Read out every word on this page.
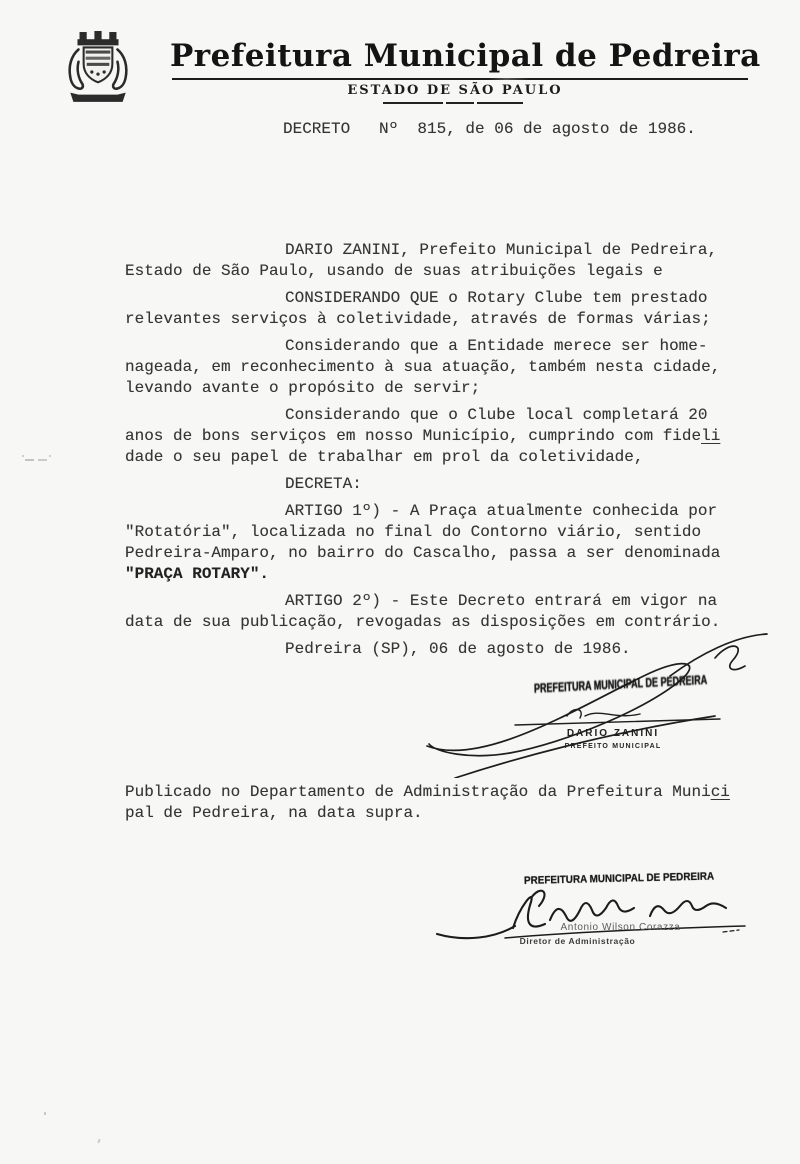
Prefeitura Municipal de Pedreira
ESTADO DE SÃO PAULO
DECRETO   Nº  815, de 06 de agosto de 1986.
DARIO ZANINI, Prefeito Municipal de Pedreira,
Estado de São Paulo, usando de suas atribuições legais e
CONSIDERANDO QUE o Rotary Clube tem prestado
relevantes serviços à coletividade, através de formas várias;
Considerando que a Entidade merece ser home-
nageada, em reconhecimento à sua atuação, também nesta cidade,
levando avante o propósito de servir;
Considerando que o Clube local completará 20
anos de bons serviços em nosso Município, cumprindo com fideli
dade o seu papel de trabalhar em prol da coletividade,
DECRETA:
ARTIGO 1º) - A Praça atualmente conhecida por
"Rotatória", localizada no final do Contorno viário, sentido
Pedreira-Amparo, no bairro do Cascalho, passa a ser denominada
"PRAÇA ROTARY".
ARTIGO 2º) - Este Decreto entrará em vigor na
data de sua publicação, revogadas as disposições em contrário.
Pedreira (SP), 06 de agosto de 1986.
PREFEITURA MUNICIPAL DE PEDREIRA
DARIO ZANINI
PREFEITO MUNICIPAL
Publicado no Departamento de Administração da Prefeitura Munici
pal de Pedreira, na data supra.
PREFEITURA MUNICIPAL DE PEDREIRA
Antonio Wilson Corazza
Diretor de Administração
